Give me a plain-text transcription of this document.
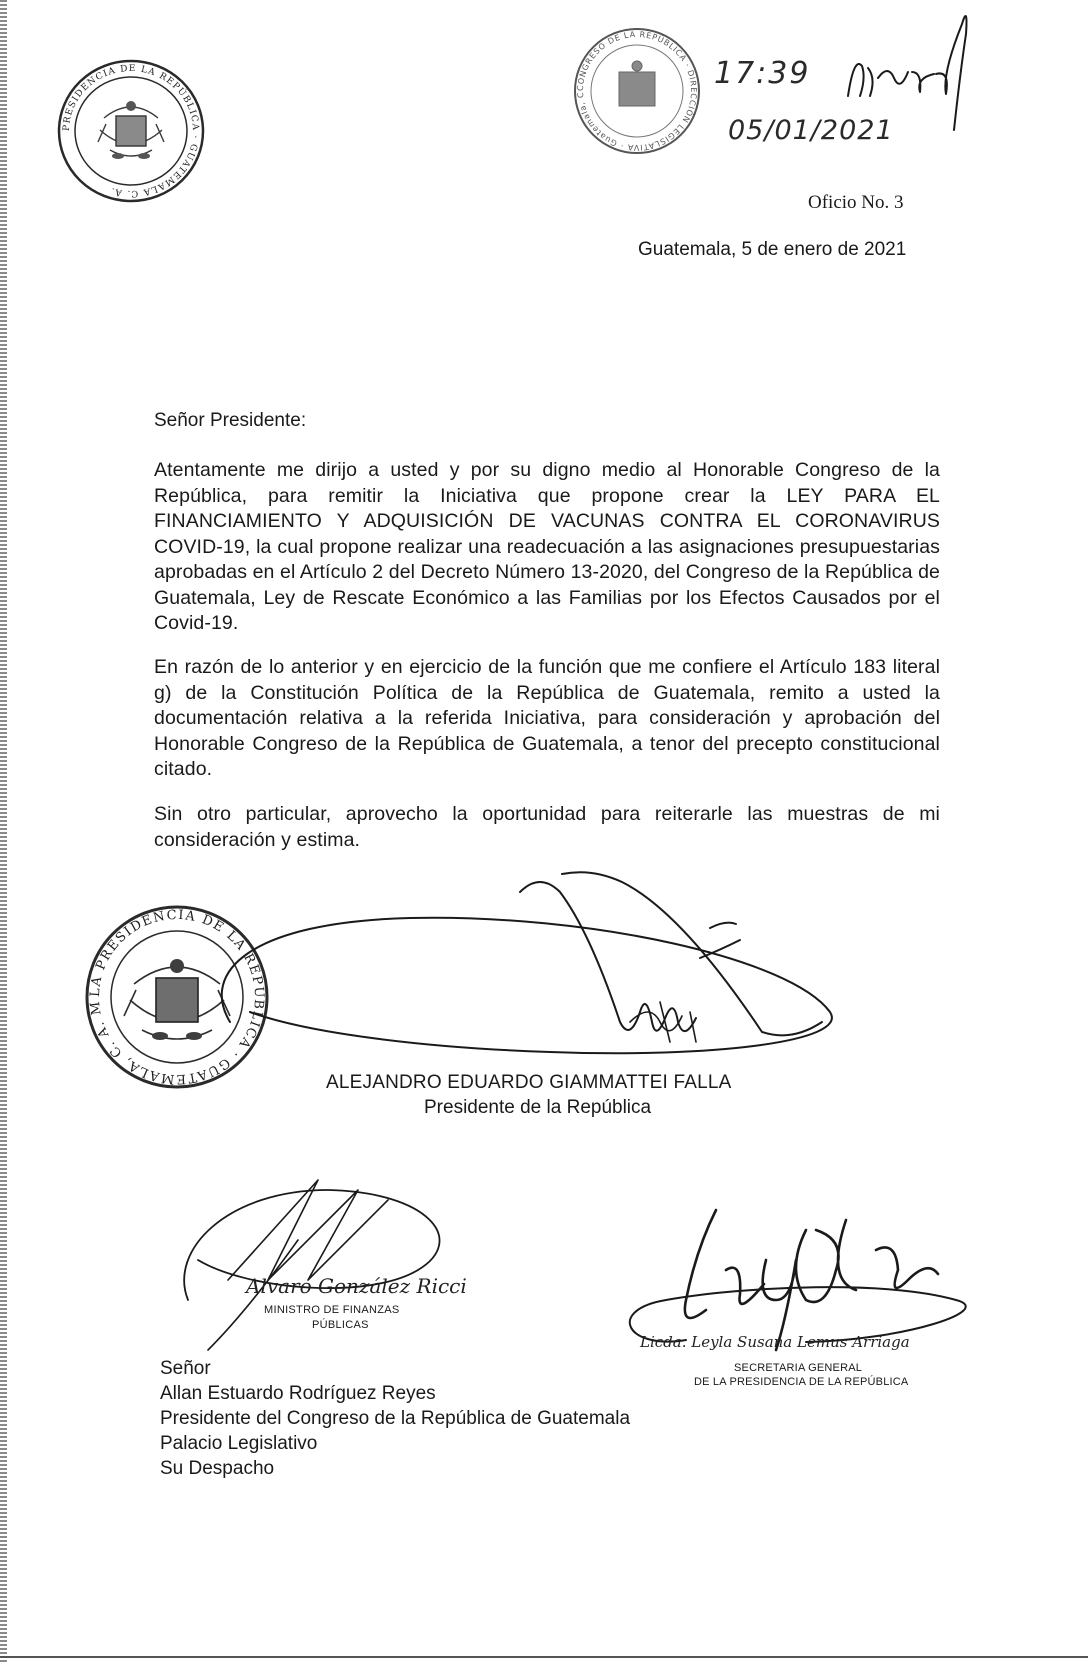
PRESIDENCIA DE LA REPÚBLICA · GUATEMALA C. A.
CONGRESO DE LA REPÚBLICA · DIRECCIÓN LEGISLATIVA · Guatemala, C.A.
17:39
05/01/2021
Oficio No. 3
Guatemala, 5 de enero de 2021
Señor Presidente:

Atentamente me dirijo a usted y por su digno medio al Honorable Congreso de la República, para remitir la Iniciativa que propone crear la LEY PARA EL FINANCIAMIENTO Y ADQUISICIÓN DE VACUNAS CONTRA EL CORONAVIRUS COVID-19, la cual propone realizar una readecuación a las asignaciones presupuestarias aprobadas en el Artículo 2 del Decreto Número 13-2020, del Congreso de la República de Guatemala, Ley de Rescate Económico a las Familias por los Efectos Causados por el Covid-19.

En razón de lo anterior y en ejercicio de la función que me confiere el Artículo 183 literal g) de la Constitución Política de la República de Guatemala, remito a usted la documentación relativa a la referida Iniciativa, para consideración y aprobación del Honorable Congreso de la República de Guatemala, a tenor del precepto constitucional citado.

Sin otro particular, aprovecho la oportunidad para reiterarle las muestras de mi consideración y estima.

LA PRESIDENCIA DE LA REPÚBLICA · GUATEMALA, C. A. M
ALEJANDRO EDUARDO GIAMMATTEI FALLA
Presidente de la República
Alvaro González Ricci
MINISTRO DE FINANZAS
PÚBLICAS
Licda. Leyla Susana Lemus Arriaga
SECRETARIA GENERAL
DE LA PRESIDENCIA DE LA REPÚBLICA
Señor
Allan Estuardo Rodríguez Reyes
Presidente del Congreso de la República de Guatemala
Palacio Legislativo
Su Despacho
